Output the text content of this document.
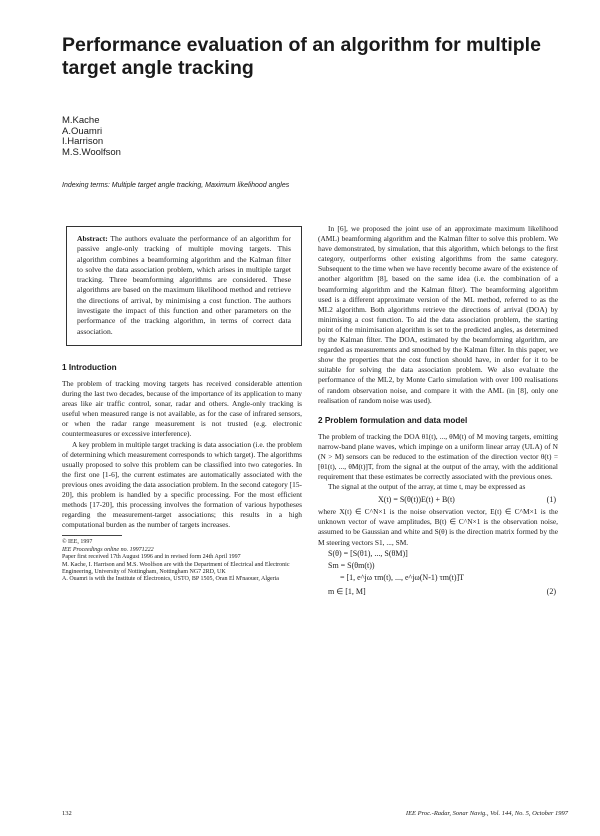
Performance evaluation of an algorithm for multiple target angle tracking
M.Kache
A.Ouamri
I.Harrison
M.S.Woolfson
Indexing terms: Multiple target angle tracking, Maximum likelihood angles
Abstract: The authors evaluate the performance of an algorithm for passive angle-only tracking of multiple moving targets. This algorithm combines a beamforming algorithm and the Kalman filter to solve the data association problem, which arises in multiple target tracking. Three beamforming algorithms are considered. These algorithms are based on the maximum likelihood method and retrieve the directions of arrival, by minimising a cost function. The authors investigate the impact of this function and other parameters on the performance of the tracking algorithm, in terms of correct data association.
1 Introduction

The problem of tracking moving targets has received considerable attention during the last two decades, because of the importance of its application to many areas like air traffic control, sonar, radar and others. Angle-only tracking is useful when measured range is not available, as for the case of infrared sensors, or when the radar range measurement is not trusted (e.g. electronic countermeasures or excessive interference).

A key problem in multiple target tracking is data association (i.e. the problem of determining which measurement corresponds to which target). The algorithms usually proposed to solve this problem can be classified into two categories. In the first one [1-6], the current estimates are automatically associated with the previous ones avoiding the data association problem. In the second category [15-20], this problem is handled by a specific processing. For the most efficient methods [17-20], this processing involves the formation of various hypotheses regarding the measurement-target associations; this results in a high computational burden as the number of targets increases.

© IEE, 1997

IEE Proceedings online no. 19971222

Paper first received 17th August 1996 and in revised form 24th April 1997

M. Kache, I. Harrison and M.S. Woolfson are with the Department of Electrical and Electronic Engineering, University of Nottingham, Nottingham NG7 2RD, UK

A. Ouamri is with the Institute of Electronics, USTO, BP 1505, Oran El M'naouer, Algeria

In [6], we proposed the joint use of an approximate maximum likelihood (AML) beamforming algorithm and the Kalman filter to solve this problem. We have demonstrated, by simulation, that this algorithm, which belongs to the first category, outperforms other existing algorithms from the same category. Subsequent to the time when we have recently become aware of the existence of another algorithm [8], based on the same idea (i.e. the combination of a beamforming algorithm and the Kalman filter). The beamforming algorithm used is a different approximate version of the ML method, referred to as the ML2 algorithm. Both algorithms retrieve the directions of arrival (DOA) by minimising a cost function. To aid the data association problem, the starting point of the minimisation algorithm is set to the predicted angles, as determined by the Kalman filter. The DOA, estimated by the beamforming algorithm, are regarded as measurements and smoothed by the Kalman filter. In this paper, we show the properties that the cost function should have, in order for it to be suitable for solving the data association problem. We also evaluate the performance of the ML2, by Monte Carlo simulation with over 100 realisations of random observation noise, and compare it with the AML (in [8], only one realisation of random noise was used).

2 Problem formulation and data model

The problem of tracking the DOA θ1(t), ..., θM(t) of M moving targets, emitting narrow-band plane waves, which impinge on a uniform linear array (ULA) of N (N > M) sensors can be reduced to the estimation of the direction vector θ(t) = [θ1(t), ..., θM(t)]T, from the signal at the output of the array, with the additional requirement that these estimates be correctly associated with the previous ones.

The signal at the output of the array, at time t, may be expressed as

X(t) = S(θ(t))E(t) + B(t)	(1)

where X(t) ∈ C^N×1 is the noise observation vector, E(t) ∈ C^M×1 is the unknown vector of wave amplitudes, B(t) ∈ C^N×1 is the observation noise, assumed to be Gaussian and white and S(θ) is the direction matrix formed by the M steering vectors S1, ..., SM.

S(θ) = [S(θ1), ..., S(θM)]

Sm = S(θm(t))

= [1, e^jω τm(t), ..., e^jω(N-1) τm(t)]T

m ∈ [1, M]	(2)
132	IEE Proc.-Radar, Sonar Navig., Vol. 144, No. 5, October 1997
